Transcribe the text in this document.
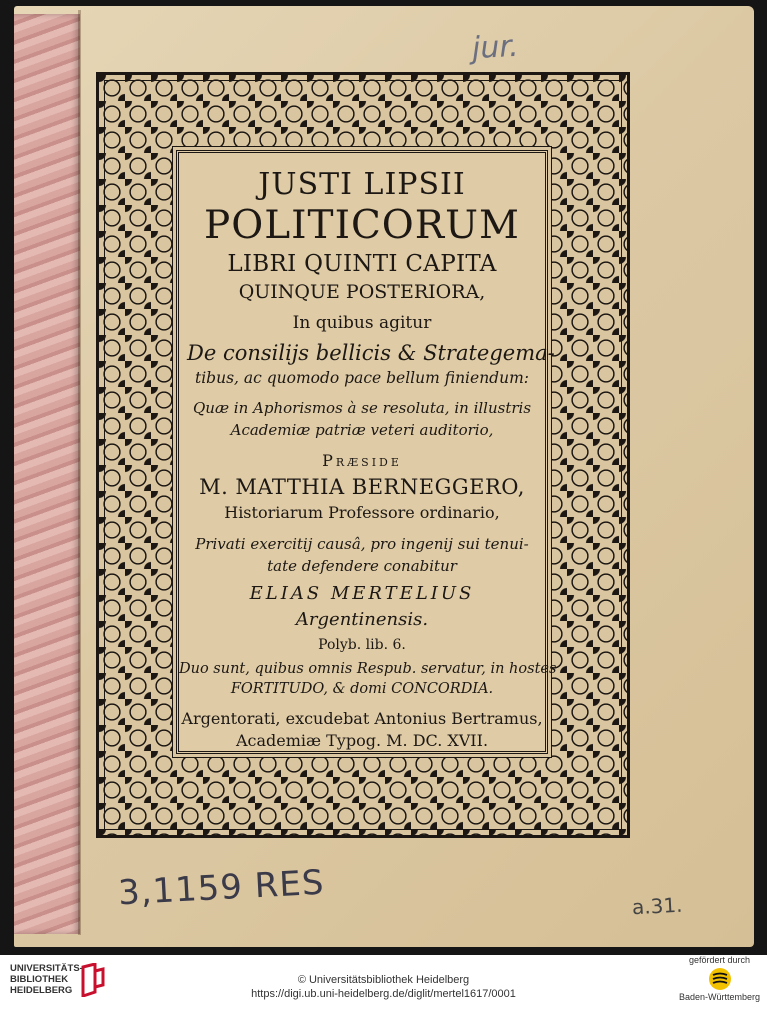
JUSTI LIPSII

POLITICORUM

LIBRI QUINTI CAPITA

QUINQUE POSTERIORA,

In quibus agitur

De consilijs bellicis & Strategema-

tibus, ac quomodo pace bellum finiendum:

Quæ in Aphorismos à se resoluta, in illustris

Academiæ patriæ veteri auditorio,

Præside

M. MATTHIA BERNEGGERO,

Historiarum Professore ordinario,

Privati exercitij causâ, pro ingenij sui tenui-

tate defendere conabitur

ELIAS MERTELIUS

Argentinensis.

Polyb. lib. 6.

Duo sunt, quibus omnis Respub. servatur, in hostes

FORTITUDO, & domi CONCORDIA.

Argentorati, excudebat Antonius Bertramus,

Academiæ Typog. M. DC. XVII.

jur.
3,1159 RES	a.31.
UNIVERSITÄTS-
BIBLIOTHEK
HEIDELBERG
© Universitätsbibliothek Heidelberg
https://digi.ub.uni-heidelberg.de/diglit/mertel1617/0001
gefördert durch
Baden-Württemberg
